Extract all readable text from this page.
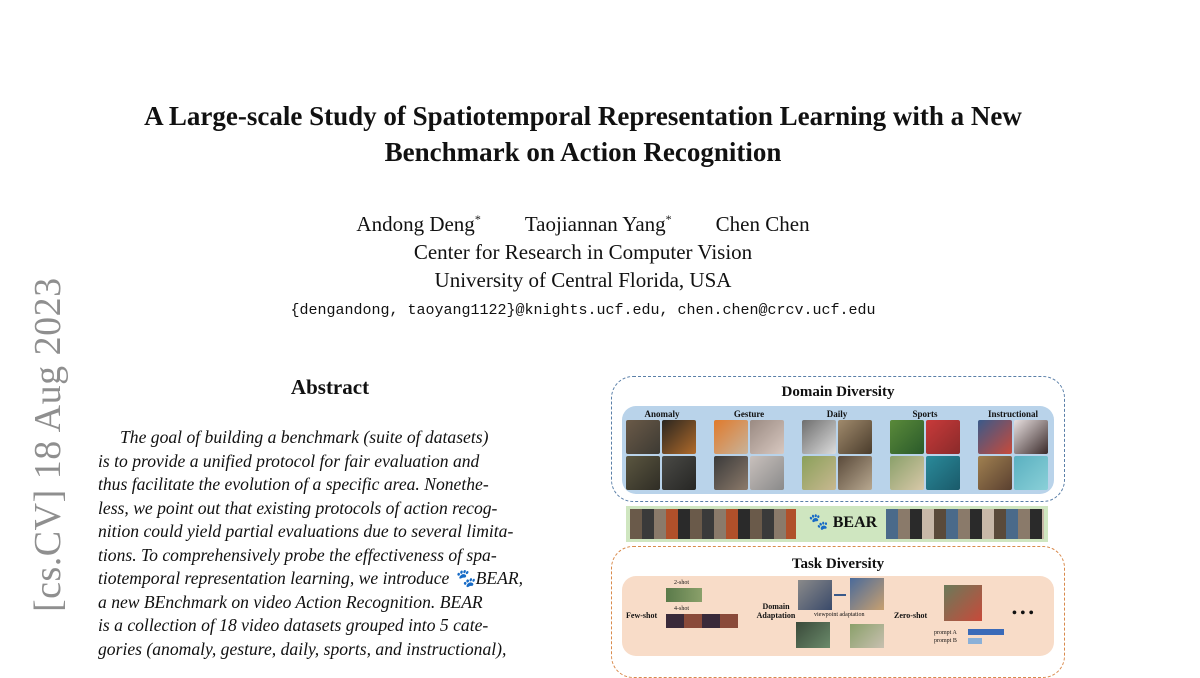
[cs.CV] 18 Aug 2023
A Large-scale Study of Spatiotemporal Representation Learning with a New
Benchmark on Action Recognition
Andong Deng* Taojiannan Yang* Chen Chen
Center for Research in Computer Vision
University of Central Florida, USA
{dengandong, taoyang1122}@knights.ucf.edu, chen.chen@crcv.ucf.edu
Abstract
The goal of building a benchmark (suite of datasets)
is to provide a unified protocol for fair evaluation and
thus facilitate the evolution of a specific area. Nonethe-
less, we point out that existing protocols of action recog-
nition could yield partial evaluations due to several limita-
tions. To comprehensively probe the effectiveness of spa-
tiotemporal representation learning, we introduce 🐾BEAR,
a new BEnchmark on video Action Recognition. BEAR
is a collection of 18 video datasets grouped into 5 cate-
gories (anomaly, gesture, daily, sports, and instructional),
Domain Diversity
Anomaly	Gesture	Daily	Sports	Instructional
🐾 BEAR
Task Diversity
Few-shot
2-shot
4-shot	Domain
Adaptation	viewpoint adaptation	Zero-shot
prompt A
prompt B
• • •
